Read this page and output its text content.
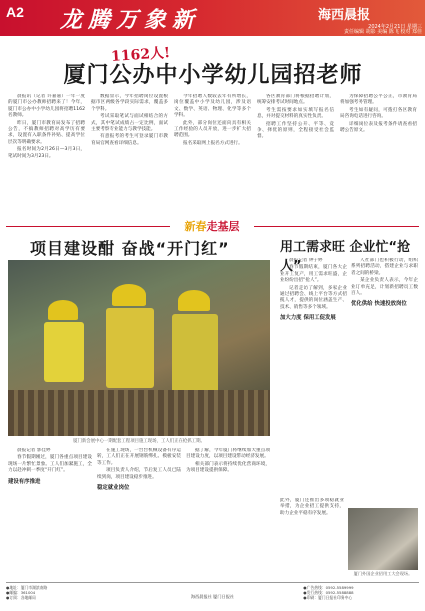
A2 龙腾万象新	海西晨报
2024年2月21日 星期三
责任编辑 胡影 美编 陈飞 校对 郑佳
1162人!
厦门公办中小学幼儿园招老师

晨报讯（记者 许嘉嘉）一年一度的厦门市公办教师招聘来了！今年，厦门市公办中小学幼儿园将招聘1162名教师。

昨日，厦门市教育局发布了招聘公告，不搞教师招聘对高学历有要求，设置有入职条件补贴、提高学位层次等明确要求。

报名时间为2月26日—3月3日，笔试时间为3月23日。

数据显示，今年招聘岗位设置根据市区两级各学段实际需求，覆盖多个学科。

考试采取笔试与面试相结合的方式，其中笔试成绩占一定比例，面试主要考察专业能力与教学技能。

有意报考的考生可登录厦门市教育局官网查看详细信息。

今年招聘人数较去年有所增长，岗位覆盖中小学及幼儿园，涉及语文、数学、英语、物理、化学等多个学科。

此外，部分岗位还面向具有相关工作经验的人员开放，进一步扩大招聘范围。

报名采取网上报名方式进行。

各区教育部门将根据招聘计划，统筹安排考试时间地点。

考生需按要求如实填写报名信息，并对提交材料的真实性负责。

招聘工作坚持公开、平等、竞争、择优的原则，全程接受社会监督。

为保障招聘公平公正，市教育局将加强考务管理。

考生如有疑问，可拨打各区教育局咨询电话进行咨询。

详细岗位表及报考条件请查看招聘公告原文。

新春走基层
项目建设酣 奋战“开门红”
厦门新会展中心一期配套工程项目施工现场，工人们正在抢抓工期。

晨报记者 郭佳婷

春节假期刚过，厦门各重点项目建设现场一片繁忙景象。工人们加紧施工，全力以赴冲刺一季度“开门红”。

建设有序推进

在施工现场，一台台机械设备有序运转，工人们正在开展钢筋绑扎、模板安装等工作。

项目负责人介绍，节后复工人员已陆续到岗，项目建设稳步推进。

稳定就业岗位

据了解，今年厦门将继续加大重点项目建设力度，以项目建设带动经济发展。

相关部门表示将持续优化营商环境，为项目建设提供保障。

用工需求旺 企业忙“抢人”

晨报记者 钟子婷

春节假期结束，厦门各大企业开工复产，用工需求旺盛，企业纷纷出招“抢人”。

记者走访了解到，多家企业通过招聘会、线上平台等方式招揽人才，提供的岗位涵盖生产、技术、销售等多个领域。

加大力度 保用工促发展

人社部门也积极行动，组织系列招聘活动，搭建企业与求职者之间的桥梁。

某企业负责人表示，今年企业订单充足，计划新招聘员工数百人。

优化供给 快速投放岗位

此外，厦门还推出多项稳就业举措，为企业招工提供支持，助力企业平稳有序发展。

厦门外国企业招用工大会现场。

●地址：厦门市湖滨南路

●邮编：361004

●订阅：各地邮局	海西晨报社 厦门日报社

●广告热线：0592-5589999

●发行热线：0592-5588888

●印刷：厦门日报社印务中心
